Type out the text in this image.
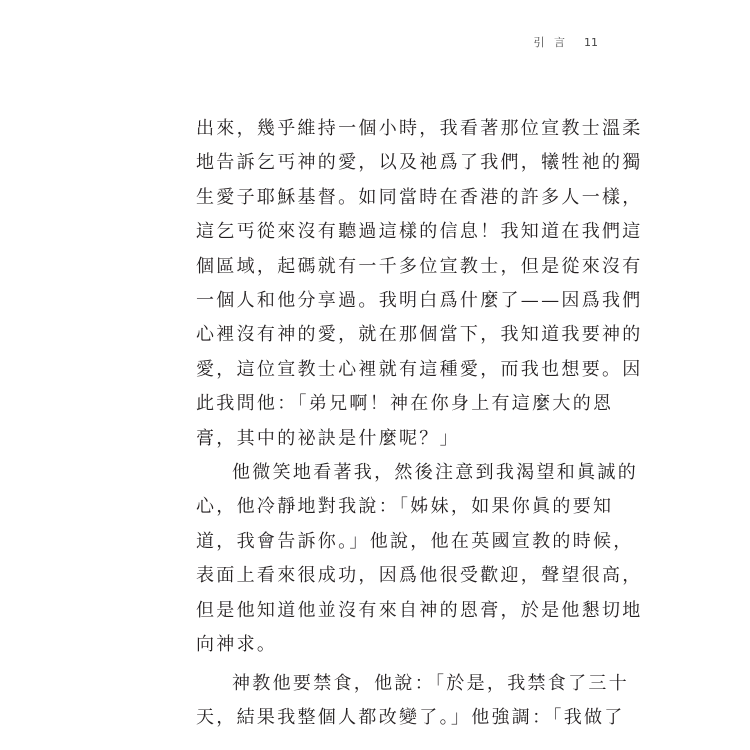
引 言 11
出來，幾乎維持一個小時，我看著那位宣教士溫柔
地告訴乞丐神的愛，以及祂爲了我們，犧牲祂的獨
生愛子耶穌基督。如同當時在香港的許多人一樣，
這乞丐從來沒有聽過這樣的信息！我知道在我們這
個區域，起碼就有一千多位宣教士，但是從來沒有
一個人和他分享過。我明白爲什麼了——因爲我們
心裡沒有神的愛，就在那個當下，我知道我要神的
愛，這位宣教士心裡就有這種愛，而我也想要。因
此我問他：「弟兄啊！神在你身上有這麼大的恩
膏，其中的祕訣是什麼呢？」
他微笑地看著我，然後注意到我渴望和眞誠的
心，他冷靜地對我說：「姊妹，如果你眞的要知
道，我會告訴你。」他說，他在英國宣教的時候，
表面上看來很成功，因爲他很受歡迎，聲望很高，
但是他知道他並沒有來自神的恩膏，於是他懇切地
向神求。
神教他要禁食，他說：「於是，我禁食了三十
天，結果我整個人都改變了。」他強調：「我做了
